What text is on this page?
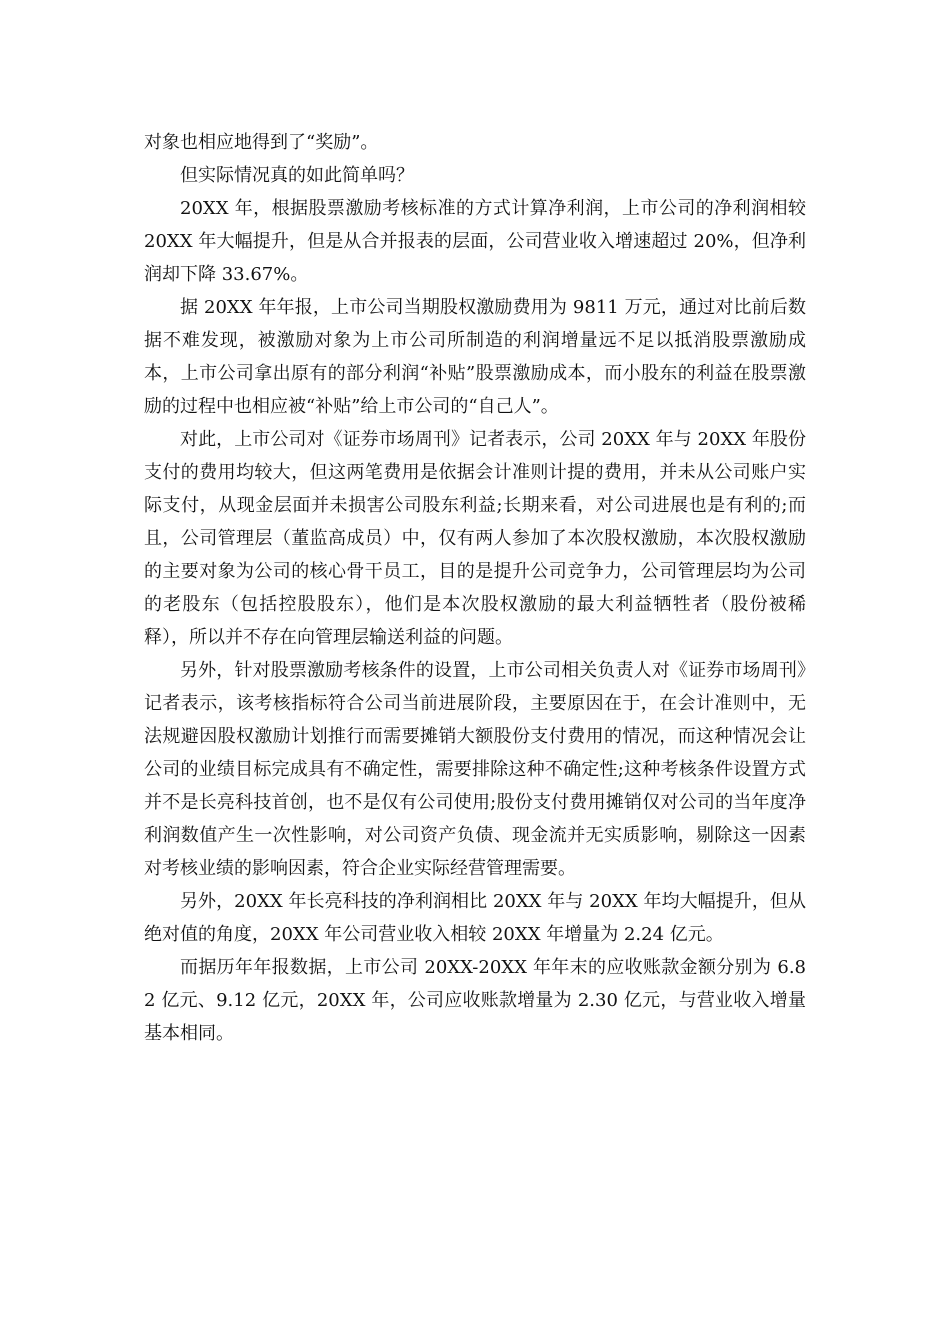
对象也相应地得到了“奖励”。

但实际情况真的如此简单吗？

20XX 年，根据股票激励考核标准的方式计算净利润，上市公司的净利润相较 20XX 年大幅提升，但是从合并报表的层面，公司营业收入增速超过 20%，但净利润却下降 33.67%。

据 20XX 年年报，上市公司当期股权激励费用为 9811 万元，通过对比前后数据不难发现，被激励对象为上市公司所制造的利润增量远不足以抵消股票激励成本，上市公司拿出原有的部分利润“补贴”股票激励成本，而小股东的利益在股票激励的过程中也相应被“补贴”给上市公司的“自己人”。

对此，上市公司对《证券市场周刊》记者表示，公司 20XX 年与 20XX 年股份支付的费用均较大，但这两笔费用是依据会计准则计提的费用，并未从公司账户实际支付，从现金层面并未损害公司股东利益;长期来看，对公司进展也是有利的;而且，公司管理层（董监高成员）中，仅有两人参加了本次股权激励，本次股权激励的主要对象为公司的核心骨干员工，目的是提升公司竞争力，公司管理层均为公司的老股东（包括控股股东），他们是本次股权激励的最大利益牺牲者（股份被稀释），所以并不存在向管理层输送利益的问题。

另外，针对股票激励考核条件的设置，上市公司相关负责人对《证券市场周刊》记者表示，该考核指标符合公司当前进展阶段，主要原因在于，在会计准则中，无法规避因股权激励计划推行而需要摊销大额股份支付费用的情况，而这种情况会让公司的业绩目标完成具有不确定性，需要排除这种不确定性;这种考核条件设置方式并不是长亮科技首创，也不是仅有公司使用;股份支付费用摊销仅对公司的当年度净利润数值产生一次性影响，对公司资产负债、现金流并无实质影响，剔除这一因素对考核业绩的影响因素，符合企业实际经营管理需要。

另外，20XX 年长亮科技的净利润相比 20XX 年与 20XX 年均大幅提升，但从绝对值的角度，20XX 年公司营业收入相较 20XX 年增量为 2.24 亿元。

而据历年年报数据，上市公司 20XX-20XX 年年末的应收账款金额分别为 6.82 亿元、9.12 亿元，20XX 年，公司应收账款增量为 2.30 亿元，与营业收入增量基本相同。
